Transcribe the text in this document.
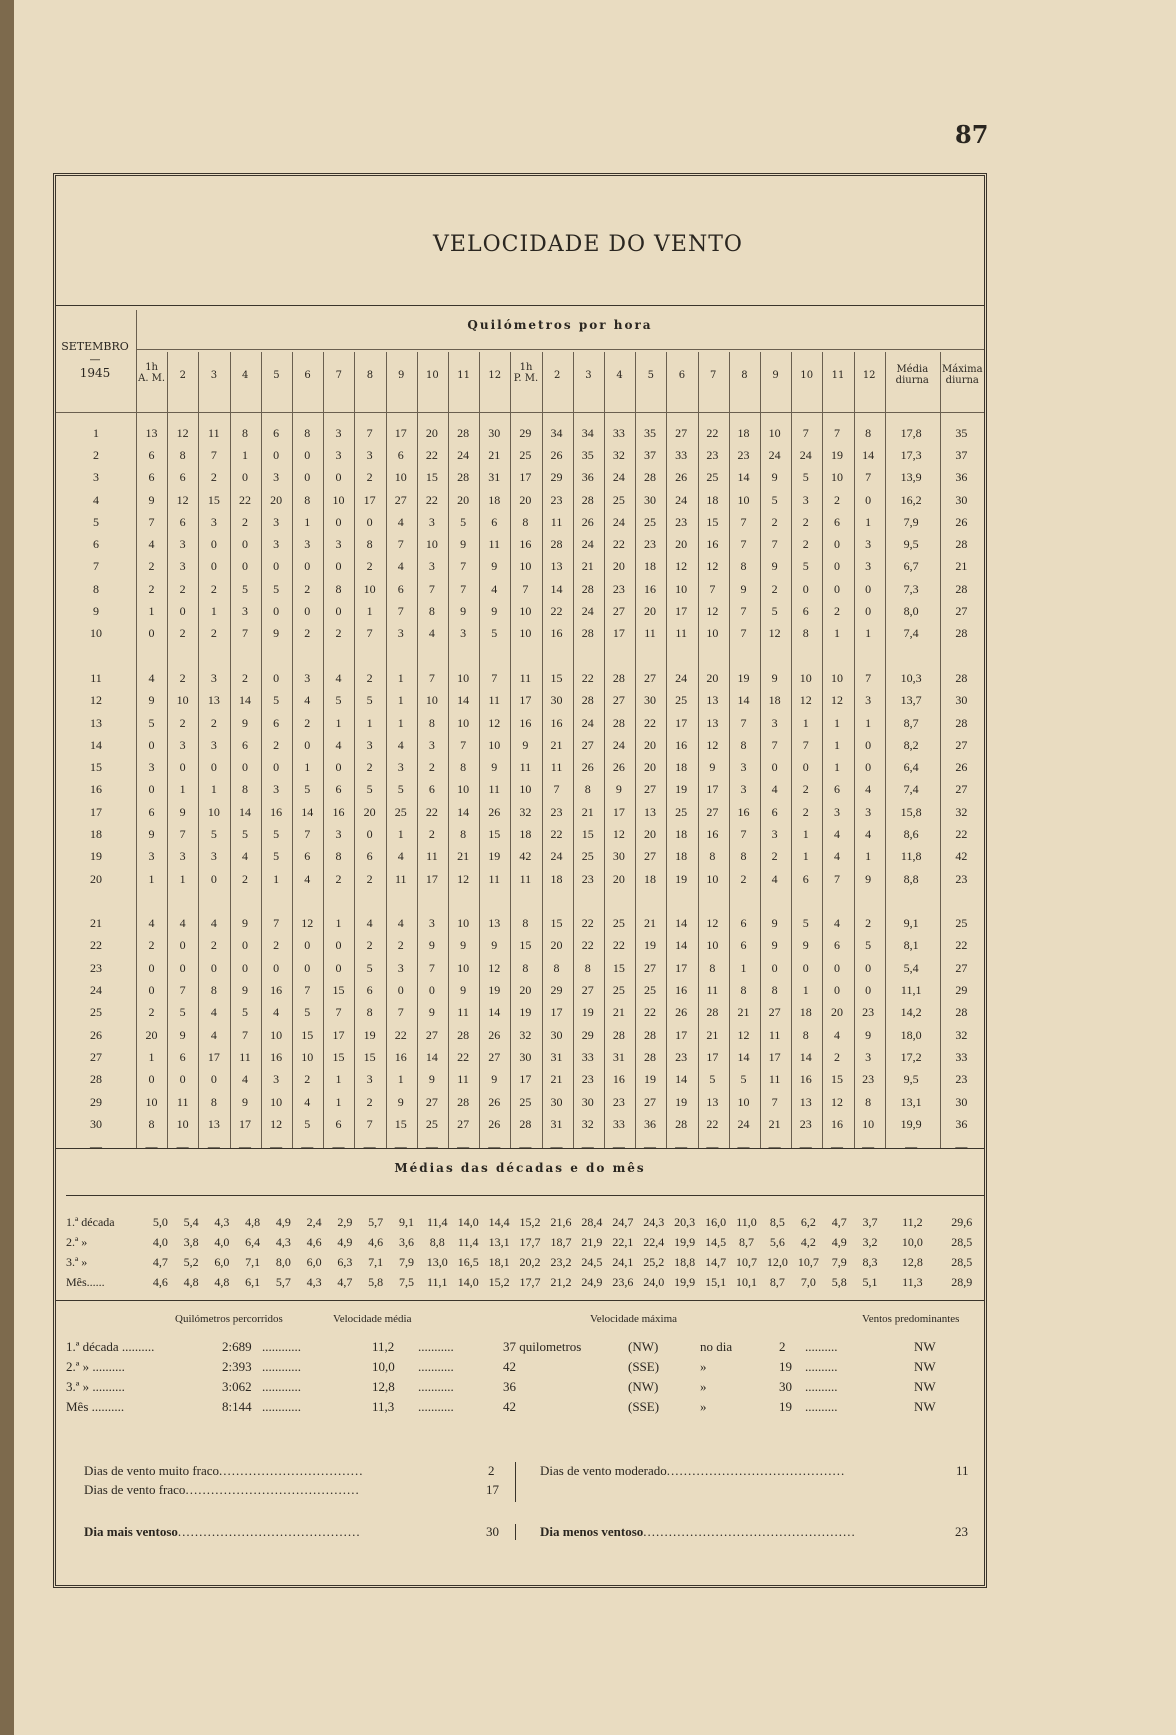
87
VELOCIDADE DO VENTO
SETEMBRO
—
1945
Quilómetros por hora
1h
A. M.	2	3	4	5	6	7	8	9	10	11	12
1h
P. M.	2	3	4	5	6	7	8	9	10	11	12
Média diurna
Máxima diurna
1	13	12	11	8	6	8	3	7	17	20	28	30	29	34	34	33	35	27	22	18	10	7	7	8	17,8	35
2	6	8	7	1	0	0	3	3	6	22	24	21	25	26	35	32	37	33	23	23	24	24	19	14	17,3	37
3	6	6	2	0	3	0	0	2	10	15	28	31	17	29	36	24	28	26	25	14	9	5	10	7	13,9	36
4	9	12	15	22	20	8	10	17	27	22	20	18	20	23	28	25	30	24	18	10	5	3	2	0	16,2	30
5	7	6	3	2	3	1	0	0	4	3	5	6	8	11	26	24	25	23	15	7	2	2	6	1	7,9	26
6	4	3	0	0	3	3	3	8	7	10	9	11	16	28	24	22	23	20	16	7	7	2	0	3	9,5	28
7	2	3	0	0	0	0	0	2	4	3	7	9	10	13	21	20	18	12	12	8	9	5	0	3	6,7	21
8	2	2	2	5	5	2	8	10	6	7	7	4	7	14	28	23	16	10	7	9	2	0	0	0	7,3	28
9	1	0	1	3	0	0	0	1	7	8	9	9	10	22	24	27	20	17	12	7	5	6	2	0	8,0	27
10	0	2	2	7	9	2	2	7	3	4	3	5	10	16	28	17	11	11	10	7	12	8	1	1	7,4	28

11	4	2	3	2	0	3	4	2	1	7	10	7	11	15	22	28	27	24	20	19	9	10	10	7	10,3	28
12	9	10	13	14	5	4	5	5	1	10	14	11	17	30	28	27	30	25	13	14	18	12	12	3	13,7	30
13	5	2	2	9	6	2	1	1	1	8	10	12	16	16	24	28	22	17	13	7	3	1	1	1	8,7	28
14	0	3	3	6	2	0	4	3	4	3	7	10	9	21	27	24	20	16	12	8	7	7	1	0	8,2	27
15	3	0	0	0	0	1	0	2	3	2	8	9	11	11	26	26	20	18	9	3	0	0	1	0	6,4	26
16	0	1	1	8	3	5	6	5	5	6	10	11	10	7	8	9	27	19	17	3	4	2	6	4	7,4	27
17	6	9	10	14	16	14	16	20	25	22	14	26	32	23	21	17	13	25	27	16	6	2	3	3	15,8	32
18	9	7	5	5	5	7	3	0	1	2	8	15	18	22	15	12	20	18	16	7	3	1	4	4	8,6	22
19	3	3	3	4	5	6	8	6	4	11	21	19	42	24	25	30	27	18	8	8	2	1	4	1	11,8	42
20	1	1	0	2	1	4	2	2	11	17	12	11	11	18	23	20	18	19	10	2	4	6	7	9	8,8	23

21	4	4	4	9	7	12	1	4	4	3	10	13	8	15	22	25	21	14	12	6	9	5	4	2	9,1	25
22	2	0	2	0	2	0	0	2	2	9	9	9	15	20	22	22	19	14	10	6	9	9	6	5	8,1	22
23	0	0	0	0	0	0	0	5	3	7	10	12	8	8	8	15	27	17	8	1	0	0	0	0	5,4	27
24	0	7	8	9	16	7	15	6	0	0	9	19	20	29	27	25	25	16	11	8	8	1	0	0	11,1	29
25	2	5	4	5	4	5	7	8	7	9	11	14	19	17	19	21	22	26	28	21	27	18	20	23	14,2	28
26	20	9	4	7	10	15	17	19	22	27	28	26	32	30	29	28	28	17	21	12	11	8	4	9	18,0	32
27	1	6	17	11	16	10	15	15	16	14	22	27	30	31	33	31	28	23	17	14	17	14	2	3	17,2	33
28	0	0	0	4	3	2	1	3	1	9	11	9	17	21	23	16	19	14	5	5	11	16	15	23	9,5	23
29	10	11	8	9	10	4	1	2	9	27	28	26	25	30	30	23	27	19	13	10	7	13	12	8	13,1	30
30	8	10	13	17	12	5	6	7	15	25	27	26	28	31	32	33	36	28	22	24	21	23	16	10	19,9	36
—	—	—	—	—	—	—	—	—	—	—	—	—	—	—	—	—	—	—	—	—	—	—	—	—	—	—
Médias das décadas e do mês
1.ª década	5,0	5,4	4,3	4,8	4,9	2,4	2,9	5,7	9,1	11,4	14,0	14,4	15,2	21,6	28,4	24,7	24,3	20,3	16,0	11,0	8,5	6,2	4,7	3,7	11,2	29,6
2.ª »	4,0	3,8	4,0	6,4	4,3	4,6	4,9	4,6	3,6	8,8	11,4	13,1	17,7	18,7	21,9	22,1	22,4	19,9	14,5	8,7	5,6	4,2	4,9	3,2	10,0	28,5
3.ª »	4,7	5,2	6,0	7,1	8,0	6,0	6,3	7,1	7,9	13,0	16,5	18,1	20,2	23,2	24,5	24,1	25,2	18,8	14,7	10,7	12,0	10,7	7,9	8,3	12,8	28,5
Mês......	4,6	4,8	4,8	6,1	5,7	4,3	4,7	5,8	7,5	11,1	14,0	15,2	17,7	21,2	24,9	23,6	24,0	19,9	15,1	10,1	8,7	7,0	5,8	5,1	11,3	28,9
Quilómetros percorridos	Velocidade média	Velocidade máxima	Ventos predominantes
1.ª década ..........	2:689 ............	11,2 ...........	37 quilometros	(NW)	no dia	2 ..........	NW
2.ª » ..........	2:393 ............	10,0 ...........	42	(SSE)	»	19 ..........	NW
3.ª » ..........	3:062 ............	12,8 ...........	36	(NW)	»	30 ..........	NW
Mês ..........	8:144 ............	11,3 ...........	42	(SSE)	»	19 ..........	NW
Dias de vento muito fraco..................................	2
Dias de vento fraco.........................................	17
Dias de vento moderado..........................................	11
Dia mais ventoso...........................................	30	Dia menos ventoso..................................................	23
